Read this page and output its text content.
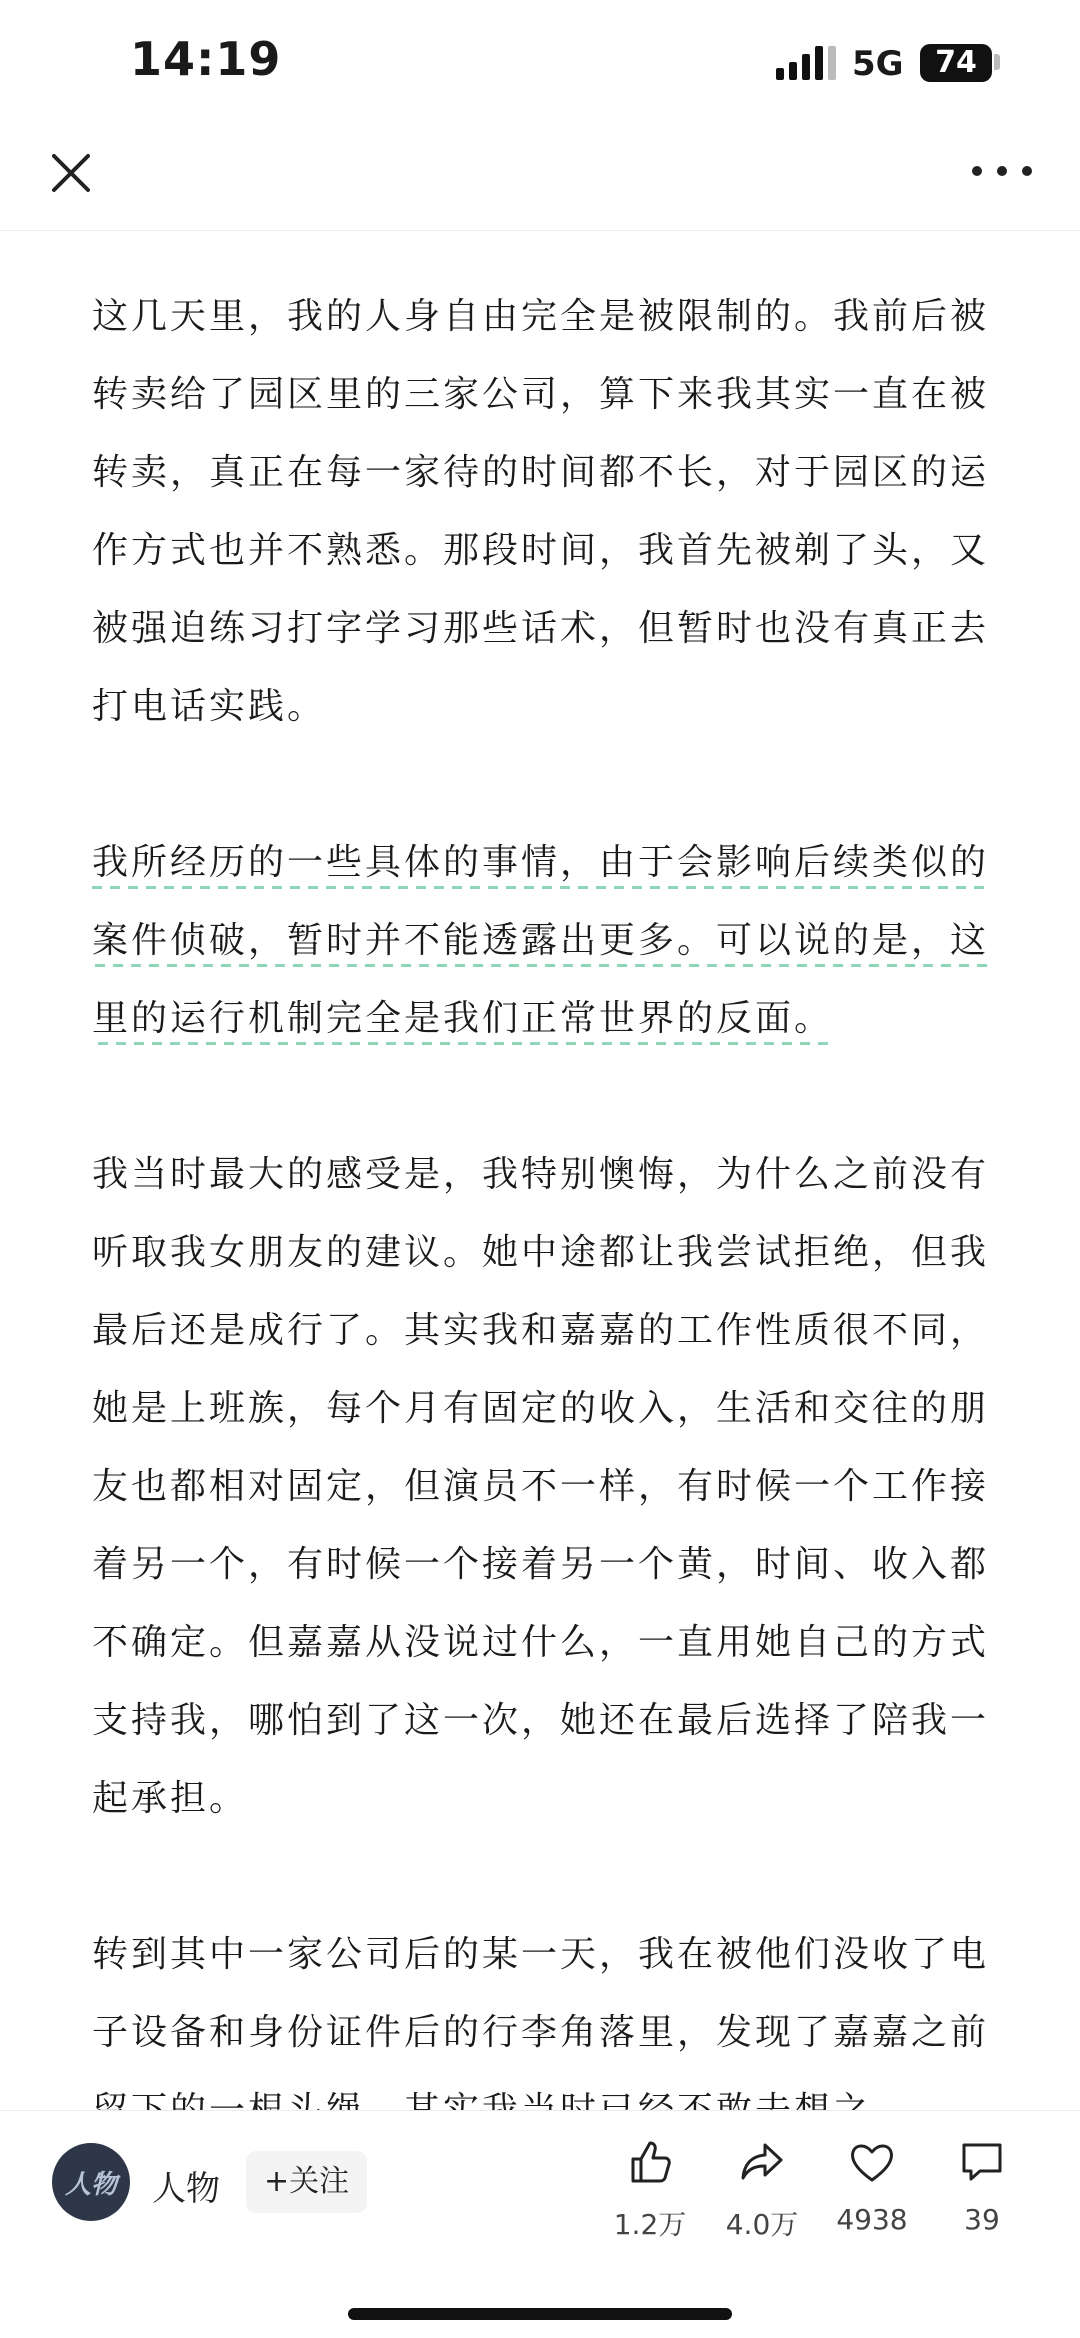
14:19	5G	74

这几天里，我的人身自由完全是被限制的。我前后被转卖给了园区里的三家公司，算下来我其实一直在被转卖，真正在每一家待的时间都不长，对于园区的运作方式也并不熟悉。那段时间，我首先被剃了头，又被强迫练习打字学习那些话术，但暂时也没有真正去打电话实践。

我所经历的一些具体的事情，由于会影响后续类似的案件侦破，暂时并不能透露出更多。可以说的是，这里的运行机制完全是我们正常世界的反面。

我当时最大的感受是，我特别懊悔，为什么之前没有听取我女朋友的建议。她中途都让我尝试拒绝，但我最后还是成行了。其实我和嘉嘉的工作性质很不同，她是上班族，每个月有固定的收入，生活和交往的朋友也都相对固定，但演员不一样，有时候一个工作接着另一个，有时候一个接着另一个黄，时间、收入都不确定。但嘉嘉从没说过什么，一直用她自己的方式支持我，哪怕到了这一次，她还在最后选择了陪我一起承担。

转到其中一家公司后的某一天，我在被他们没收了电子设备和身份证件后的行李角落里，发现了嘉嘉之前

人物	人物	+关注
1.2万	4.0万	4938	39
